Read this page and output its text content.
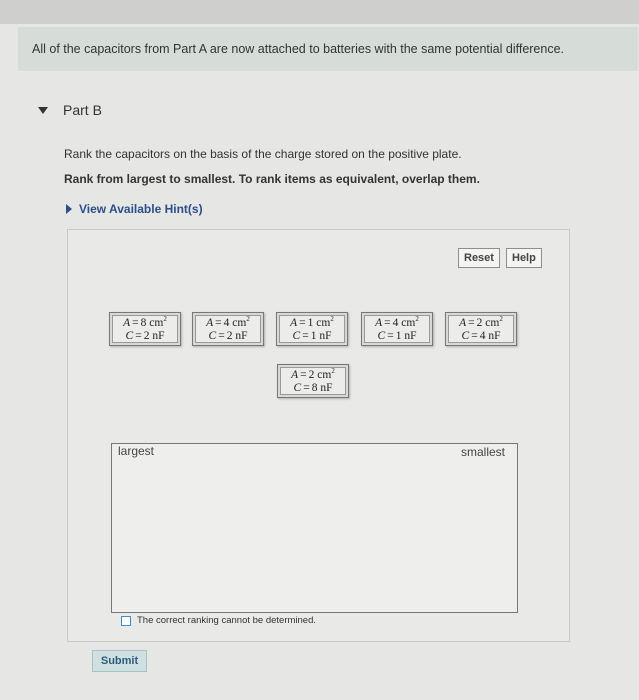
All of the capacitors from Part A are now attached to batteries with the same potential difference.
Part B
Rank the capacitors on the basis of the charge stored on the positive plate.
Rank from largest to smallest. To rank items as equivalent, overlap them.
View Available Hint(s)
Reset	Help
A = 8 $cm^2$
C = 2 nF
A = 4 $cm^2$
C = 2 nF
A = 1 $cm^2$
C = 1 nF
A = 4 $cm^2$
C = 1 nF
A = 2 $cm^2$
C = 4 nF
A = 2 $cm^2$
C = 8 nF
largest	smallest
The correct ranking cannot be determined.
Submit
